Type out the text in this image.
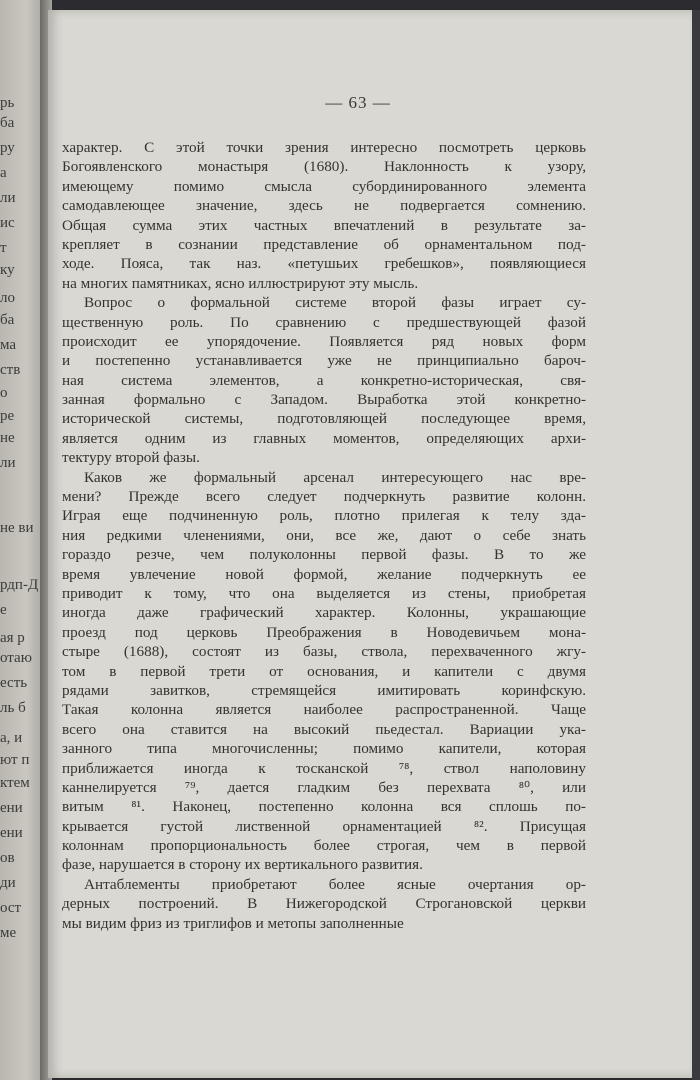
рь
ба
ру
а
ли
ис
т
ку
ло
ба
ма
ств
о
ре
не
ли
не ви
рдп-Д
е
ая р
отаю
есть
ль б
а, и
ют п
ктем
ени
ени
ов
ди
ост
ме
— 63 —
характер. С этой точки зрения интересно посмотреть церковь
Богоявленского монастыря (1680). Наклонность к узору,
имеющему помимо смысла субординированного элемента
самодавлеющее значение, здесь не подвергается сомнению.
Общая сумма этих частных впечатлений в результате за-
крепляет в сознании представление об орнаментальном под-
ходе. Пояса, так наз. «петушьих гребешков», появляющиеся
на многих памятниках, ясно иллюстрируют эту мысль.
Вопрос о формальной системе второй фазы играет су-
щественную роль. По сравнению с предшествующей фазой
происходит ее упорядочение. Появляется ряд новых форм
и постепенно устанавливается уже не принципиально бароч-
ная система элементов, а конкретно-историческая, свя-
занная формально с Западом. Выработка этой конкретно-
исторической системы, подготовляющей последующее время,
является одним из главных моментов, определяющих архи-
тектуру второй фазы.
Каков же формальный арсенал интересующего нас вре-
мени? Прежде всего следует подчеркнуть развитие колонн.
Играя еще подчиненную роль, плотно прилегая к телу зда-
ния редкими членениями, они, все же, дают о себе знать
гораздо резче, чем полуколонны первой фазы. В то же
время увлечение новой формой, желание подчеркнуть ее
приводит к тому, что она выделяется из стены, приобретая
иногда даже графический характер. Колонны, украшающие
проезд под церковь Преображения в Новодевичьем мона-
стыре (1688), состоят из базы, ствола, перехваченного жгу-
том в первой трети от основания, и капители с двумя
рядами завитков, стремящейся имитировать коринфскую.
Такая колонна является наиболее распространенной. Чаще
всего она ставится на высокий пьедестал. Вариации ука-
занного типа многочисленны; помимо капители, которая
приближается иногда к тосканской ⁷⁸, ствол наполовину
каннелируется ⁷⁹, дается гладким без перехвата ⁸⁰, или
витым ⁸¹. Наконец, постепенно колонна вся сплошь по-
крывается густой лиственной орнаментацией ⁸². Присущая
колоннам пропорциональность более строгая, чем в первой
фазе, нарушается в сторону их вертикального развития.
Антаблементы приобретают более ясные очертания ор-
дерных построений. В Нижегородской Строгановской церкви
мы видим фриз из триглифов и метопы заполненные
